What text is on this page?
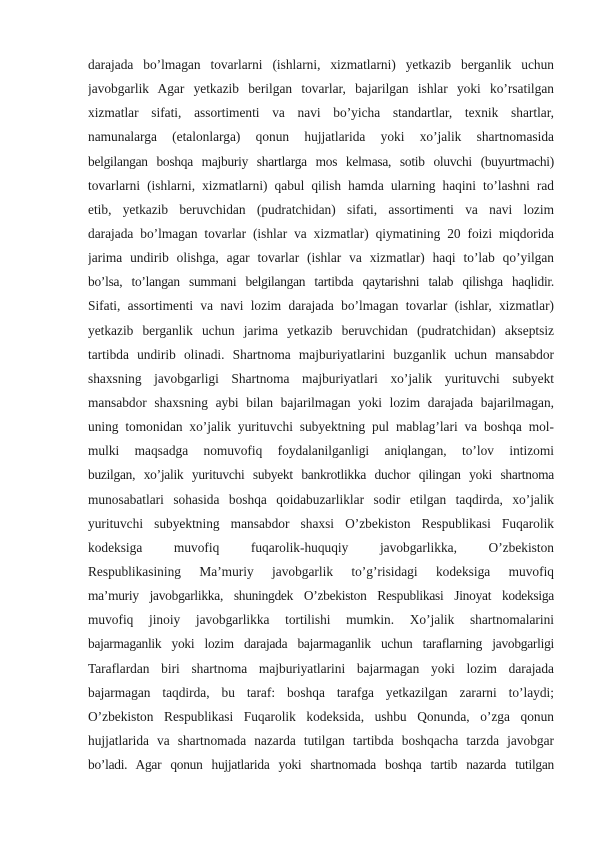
darajada bo’lmagan tovarlarni (ishlarni, xizmatlarni) yetkazib berganlik uchun
javobgarlik Agar yetkazib berilgan tovarlar, bajarilgan ishlar yoki ko’rsatilgan
xizmatlar sifati, assortimenti va navi bo’yicha standartlar, texnik shartlar,
namunalarga (etalonlarga) qonun hujjatlarida yoki xo’jalik shartnomasida
belgilangan boshqa majburiy shartlarga mos kelmasa, sotib oluvchi (buyurtmachi)
tovarlarni (ishlarni, xizmatlarni) qabul qilish hamda ularning haqini to’lashni rad
etib, yetkazib beruvchidan (pudratchidan) sifati, assortimenti va navi lozim
darajada bo’lmagan tovarlar (ishlar va xizmatlar) qiymatining 20 foizi miqdorida
jarima undirib olishga, agar tovarlar (ishlar va xizmatlar) haqi to’lab qo’yilgan
bo’lsa, to’langan summani belgilangan tartibda qaytarishni talab qilishga haqlidir.
Sifati, assortimenti va navi lozim darajada bo’lmagan tovarlar (ishlar, xizmatlar)
yetkazib berganlik uchun jarima yetkazib beruvchidan (pudratchidan) akseptsiz
tartibda undirib olinadi. Shartnoma majburiyatlarini buzganlik uchun mansabdor
shaxsning javobgarligi Shartnoma majburiyatlari xo’jalik yurituvchi subyekt
mansabdor shaxsning aybi bilan bajarilmagan yoki lozim darajada bajarilmagan,
uning tomonidan xo’jalik yurituvchi subyektning pul mablag’lari va boshqa mol-
mulki maqsadga nomuvofiq foydalanilganligi aniqlangan, to’lov intizomi
buzilgan, xo’jalik yurituvchi subyekt bankrotlikka duchor qilingan yoki shartnoma
munosabatlari sohasida boshqa qoidabuzarliklar sodir etilgan taqdirda, xo’jalik
yurituvchi subyektning mansabdor shaxsi O’zbekiston Respublikasi Fuqarolik
kodeksiga muvofiq fuqarolik-huquqiy javobgarlikka, O’zbekiston
Respublikasining Ma’muriy javobgarlik to’g’risidagi kodeksiga muvofiq
ma’muriy javobgarlikka, shuningdek O’zbekiston Respublikasi Jinoyat kodeksiga
muvofiq jinoiy javobgarlikka tortilishi mumkin. Xo’jalik shartnomalarini
bajarmaganlik yoki lozim darajada bajarmaganlik uchun taraflarning javobgarligi
Taraflardan biri shartnoma majburiyatlarini bajarmagan yoki lozim darajada
bajarmagan taqdirda, bu taraf: boshqa tarafga yetkazilgan zararni to’laydi;
O’zbekiston Respublikasi Fuqarolik kodeksida, ushbu Qonunda, o’zga qonun
hujjatlarida va shartnomada nazarda tutilgan tartibda boshqacha tarzda javobgar
bo’ladi. Agar qonun hujjatlarida yoki shartnomada boshqa tartib nazarda tutilgan
